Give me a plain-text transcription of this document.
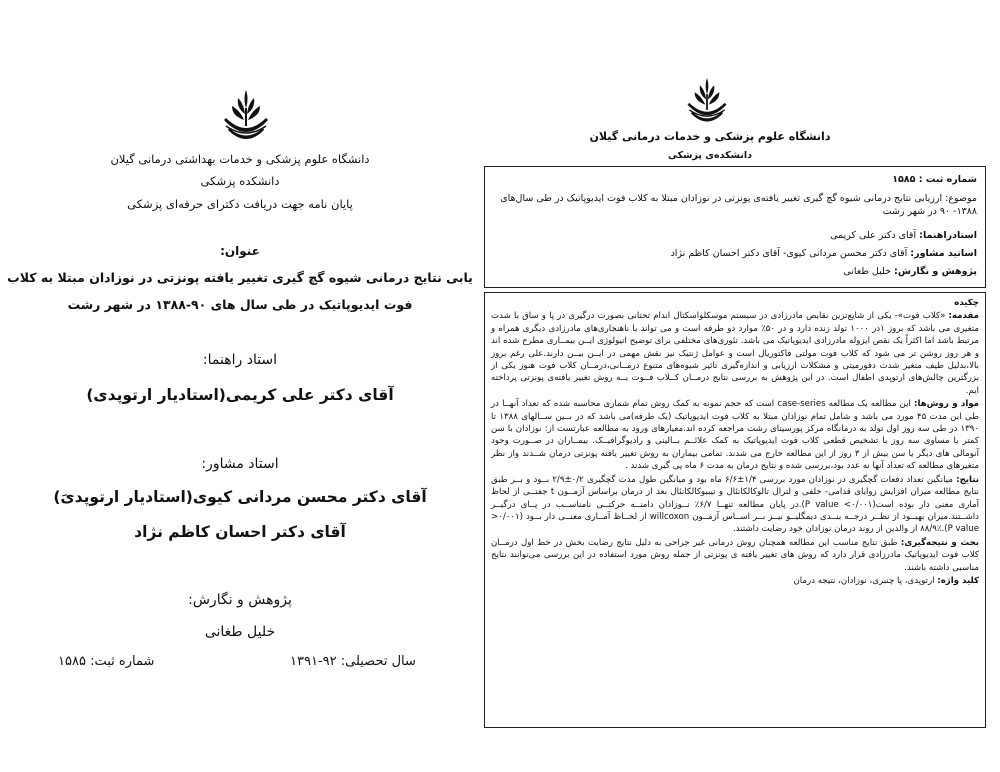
دانشگاه علوم پزشکی و خدمات بهداشتی درمانی گیلان
دانشکده پزشکی
پایان نامه جهت دریافت دکترای حرفه‌ای پزشکی
عنوان:
یابی نتایج درمانی شیوه گچ گیری تغییر یافته پونزتی در نوزادان مبتلا به کلاب
فوت ایدیوپاتیک در طی سال های ۹۰-۱۳۸۸ در شهر رشت
استاد راهنما:
آقای دکتر علی کریمی(استادیار ارتوپدی)
استاد مشاور:
آقای دکتر محسن مردانی کیوی(استادیار ارتوپدیَ)
آقای دکتر احسان کاظم نژاد
پژوهش و نگارش:
خلیل طغانی
سال تحصیلی: ۹۲-۱۳۹۱
شماره ثبت: ۱۵۸۵
دانشگاه علوم پزشکی و خدمات درمانی گیلان
دانشکده‌ی پزشکی
شماره ثبت : ۱۵۸۵
موضوع: ارزیابی نتایج درمانی شیوه گچ گیری تغییر یافته‌ی پونزتی در نوزادان مبتلا به کلاب فوت ایدیوپاتیک در طی سال‌های ۱۳۸۸- ۹۰ در شهر رشت
استادراهنما: آقای دکتر علی کریمی
اساتید مشاور: آقای دکتر محسن مردانی کیوی- آقای دکتر احسان کاظم نژاد
پژوهش و نگارش: خلیل طغانی

چکیده

مقدمه: «کلاب فوت»- یکی از شایع‌ترین نقایص مادرزادی در سیستم موسکلواسکتال اندام تحتانی بصورت درگیری در پا و ساق با شدت متغیری می باشد که بروز ۱در ۱۰۰۰ تولد زنده دارد و در ۵۰٪ موارد دو طرفه است و می تواند با ناهنجاری‌های مادرزادی دیگری همراه و مرتبط باشد اما اکثراً یک نقص ایزوله مادرزادی ایدیوپاتیک می باشد. تئوری‌های مختلفی برای توضیح اتیولوژی ایــن بیمــاری مطرح شده اند و هر روز روشن تر می شود که کلاب فوت مولتی فاکتوریال است و عوامل ژنتیک نیز نقش مهمی در ایــن بیــن دارند.علی رغم بروز بالا،بدلیل طیف متغیر شدت دفورمیتی و مشکلات ارزیابی و اندازه‌گیری تاثیر شیوه‌های متنوع درمــانی،درمــان کلاب فوت هنوز یکی از بزرگترین چالش‌های ارتوپدی اطفال است. در این پژوهش به بررسی نتایج درمــان کــلاب فــوت بــه روش تغییر یافته‌ی پونزتی پرداخته ایم.

مواد و روش‌ها: این مطالعه یک مطالعه case-series است که حجم نمونه به کمک روش تمام شماری محاسبه شده که تعداد آنهــا در طی این مدت ۴۵ مورد می باشد و شامل تمام نوزادان مبتلا به کلاب فوت ایدیوپاتیک (یک طرفه)می باشد که در بــین ســالهای ۱۳۸۸ تا ۱۳۹۰ در طی سه روز اول تولد به درمانگاه مرکز پورسینای رشت مراجعه کرده اند.معیارهای ورود به مطالعه عبارتست از: نوزادان با سن کمتر یا مساوی سه روز با تشخیص قطعی کلاب فوت ایدیوپاتیک به کمک علائــم بــالینی و رادیوگرافیــک. بیمــاران در صــورت وجود آنومالی های دیگر یا سن بیش از ۳ روز از این مطالعه خارج می شدند. تمامی بیماران به روش تغییر یافته پونزتی درمان شــدند واز نظر متغیرهای مطالعه که تعداد آنها نه عدد بود،بررسی شده و نتایج درمان به مدت ۶ ماه پی گیری شدند .

نتایج: میانگین تعداد دفعات گچگیری در نوزادان مورد بررسی ۱/۴±۶/۶ ماه بود و میانگین طول مدت گچگیری ۰/۲±۲/۹ بــود و بــر طبق نتایج مطالعه میزان افزایش زوایای قدامی- خلفی و لترال تالوکالکانئال و تیبیوکالکانئال بعد از درمان براساس آزمــون t جفتــی از لحاظ آماری معنی دار بوده است(P value <۰/۰۰۱).در پایان مطالعه تنهــا ۶/۷٪ نــوزادان دامنــه حرکتــی نامناســب در پــای درگیــر داشــتند.میزان بهبــود از نظــر درجــه بنــدی دیمگلیــو نیــز بــر اســاس آزمــون willcoxon از لحــاظ آمــاری معنــی دار بــود (۰/۰۰۱< P value).۸۸/۹٪ از والدین از روند درمان نوزادان خود رضایت داشتند.

بحث و نتیجه‌گیری: طبق نتایج مناسب این مطالعه همچنان روش درمانی غیر جراحی به دلیل نتایج رضایت بخش در خط اول درمــان کلاب فوت ایدیوپاتیک مادرزادی قرار دارد که روش های تغییر یافته ی پونزتی از جمله روش مورد استفاده در این بررسی می‌توانند نتایج مناسبی داشته باشند.

کلید واژه: ارتوپدی، پا چنبری، نوزادان، نتیجه درمان
